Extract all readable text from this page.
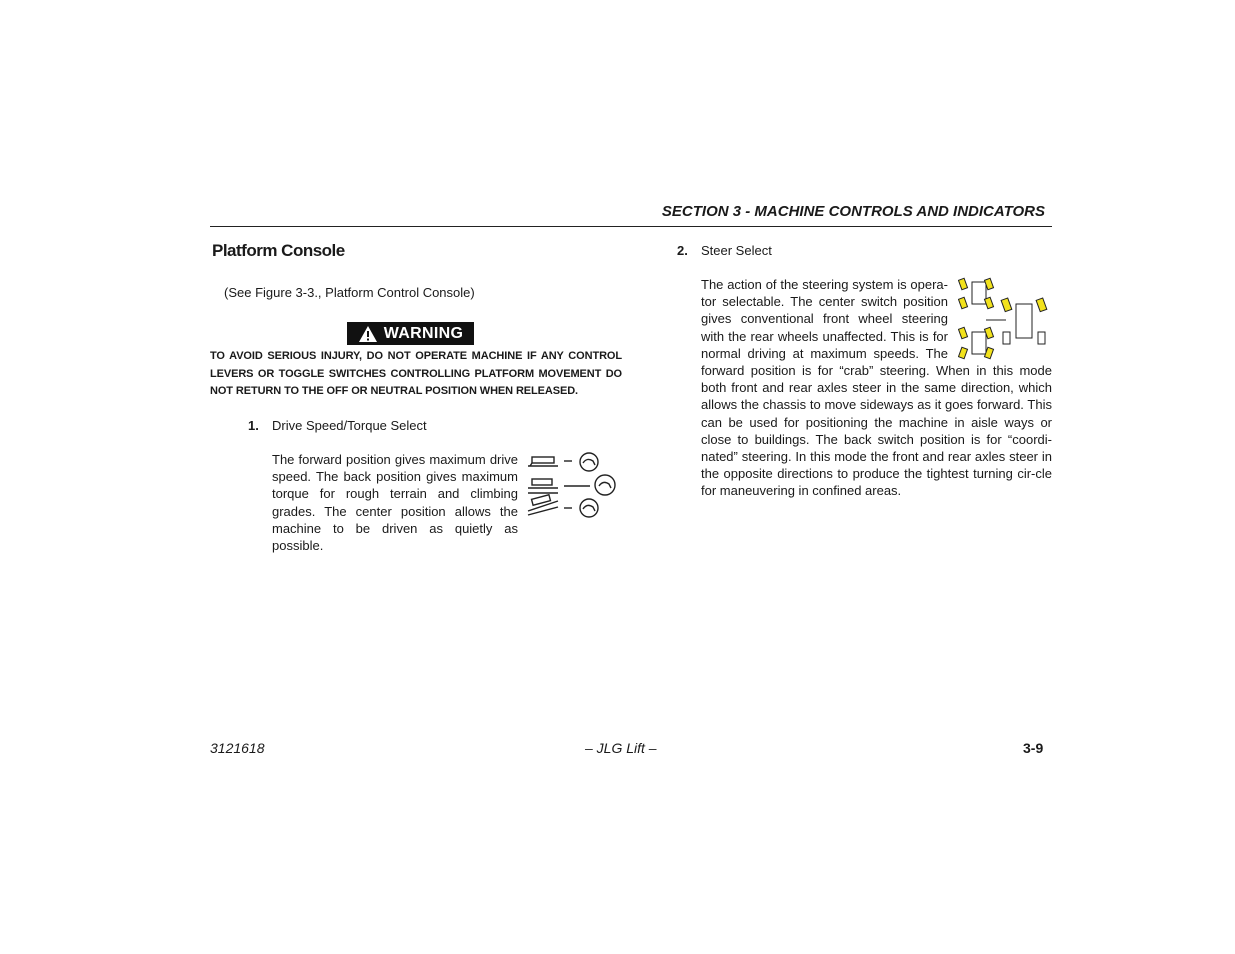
SECTION 3 - MACHINE CONTROLS AND INDICATORS
Platform Console
(See Figure 3-3., Platform Control Console)
WARNING
TO AVOID SERIOUS INJURY, DO NOT OPERATE MACHINE IF ANY CONTROL LEVERS OR TOGGLE SWITCHES CONTROLLING PLATFORM MOVEMENT DO NOT RETURN TO THE OFF OR NEUTRAL POSITION WHEN RELEASED.
1. Drive Speed/Torque Select
The forward position gives maximum drive speed. The back position gives maximum torque for rough terrain and climbing grades. The center position allows the machine to be driven as quietly as possible.
2. Steer Select
The action of the steering system is opera-tor selectable. The center switch position gives conventional front wheel steering with the rear wheels unaffected. This is for normal driving at maximum speeds. The forward position is for “crab” steering. When in this mode both front and rear axles steer in the same direction, which allows the chassis to move sideways as it goes forward. This can be used for positioning the machine in aisle ways or close to buildings. The back switch position is for “coordi-nated” steering. In this mode the front and rear axles steer in the opposite directions to produce the tightest turning cir-cle for maneuvering in confined areas.
3121618	– JLG Lift –	3-9
